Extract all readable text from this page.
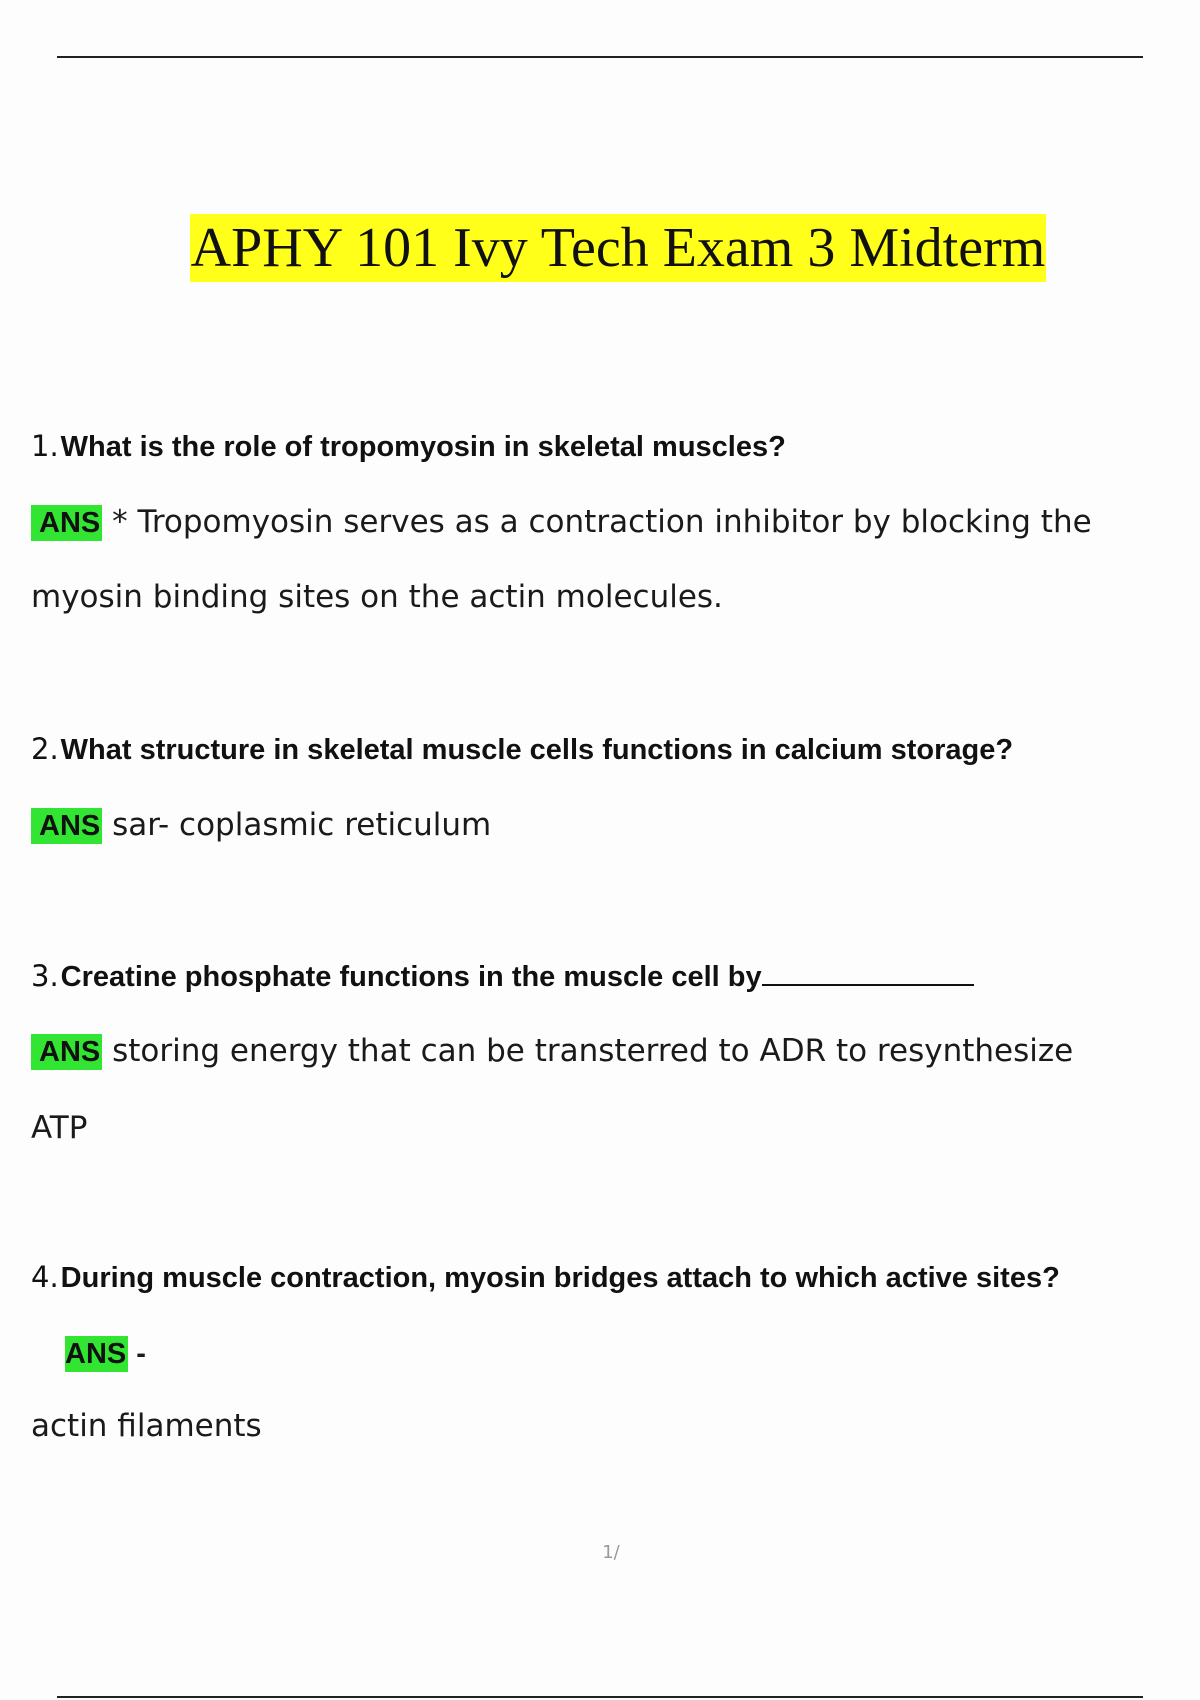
APHY 101 Ivy Tech Exam 3 Midterm
1.What is the role of tropomyosin in skeletal muscles?
ANS * Tropomyosin serves as a contraction inhibitor by blocking the
myosin binding sites on the actin molecules.
2.What structure in skeletal muscle cells functions in calcium storage?
ANS sar- coplasmic reticulum
3.Creatine phosphate functions in the muscle cell by
ANS storing energy that can be transterred to ADR to resynthesize
ATP
4.During muscle contraction, myosin bridges attach to which active sites?
ANS -
actin filaments
1/
